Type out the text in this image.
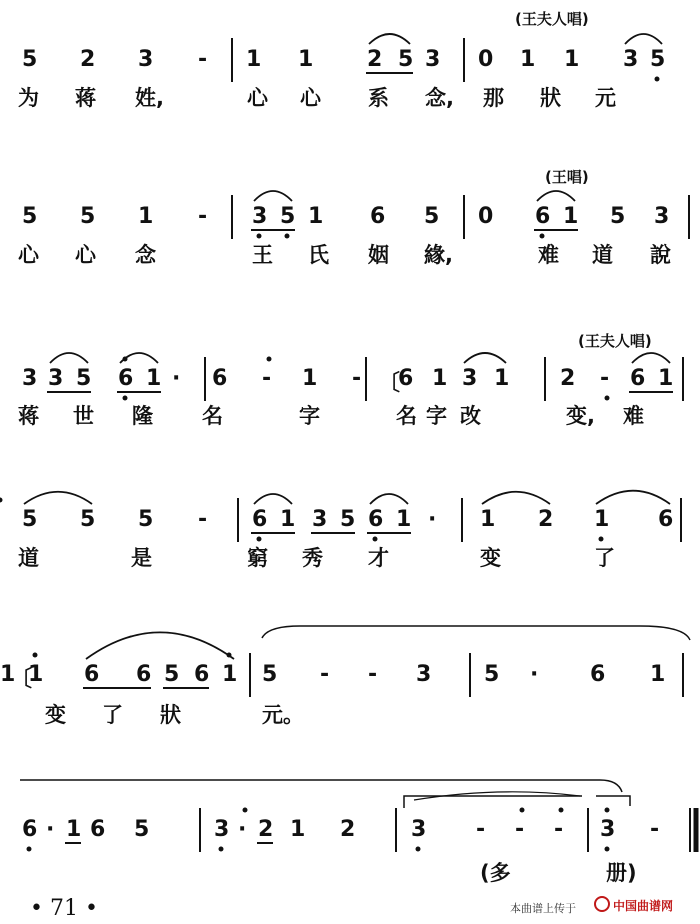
(王夫人唱)
(王唱)
(王夫人唱)
5 2 3 - 1 1 2 5 3 0 1 1 3 5
5 5 1 - 3 5 1 6 5 0 6 1 5 3
3 3 5 6 1 · 6 - 1 - 〔
6 1 3 1 2 - 6 1
5 5 5 - 6 1 3 5 6 1 · 1 2 1 6
〔
1 6 6 5 6 1 5 - - 3 5 · 6 1
1
6 · 1 6 5	3 · 2 1 2	3 - - - 3 -
为 蒋 姓,	心 心 系 念, 那 狀 元
心 心 念	王 氏 姻 緣,	难 道 說
蒋 世 隆 名	字	名 字 改	变, 难
道	是	窮 秀 才	变	了
变 了 狀	元。
(多	册)
• 71 •	本曲谱上传于	中国曲谱网
